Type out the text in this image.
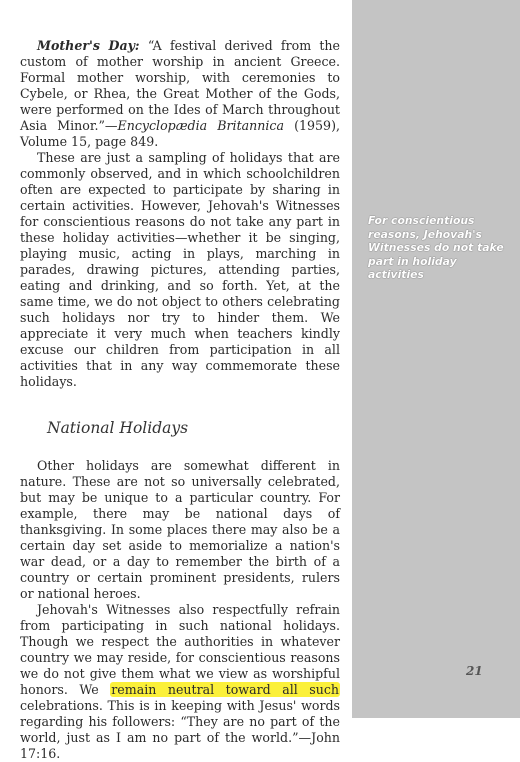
Mother's Day: “A festival derived from the custom of mother worship in ancient Greece. Formal mother worship, with ceremonies to Cybele, or Rhea, the Great Mother of the Gods, were performed on the Ides of March throughout Asia Minor.”—Encyclopædia Britannica (1959), Volume 15, page 849.

These are just a sampling of holidays that are commonly observed, and in which schoolchildren often are expected to participate by sharing in certain activities. However, Jehovah's Witnesses for conscientious reasons do not take any part in these holiday activities—whether it be singing, playing music, acting in plays, marching in parades, drawing pictures, attending parties, eating and drinking, and so forth. Yet, at the same time, we do not object to others celebrating such holidays nor try to hinder them. We appreciate it very much when teachers kindly excuse our children from participation in all activities that in any way commemorate these holidays.

National Holidays

Other holidays are somewhat different in nature. These are not so universally celebrated, but may be unique to a particular country. For example, there may be national days of thanksgiving. In some places there may also be a certain day set aside to memorialize a nation's war dead, or a day to remember the birth of a country or certain prominent presidents, rulers or national heroes.

Jehovah's Witnesses also respectfully refrain from participating in such national holidays. Though we respect the authorities in whatever country we may reside, for conscientious reasons we do not give them what we view as worshipful honors. We remain neutral toward all such celebrations. This is in keeping with Jesus' words regarding his followers: “They are no part of the world, just as I am no part of the world.”—John 17:16.

For conscientious reasons, Jehovah's Witnesses do not take part in holiday activities

21
